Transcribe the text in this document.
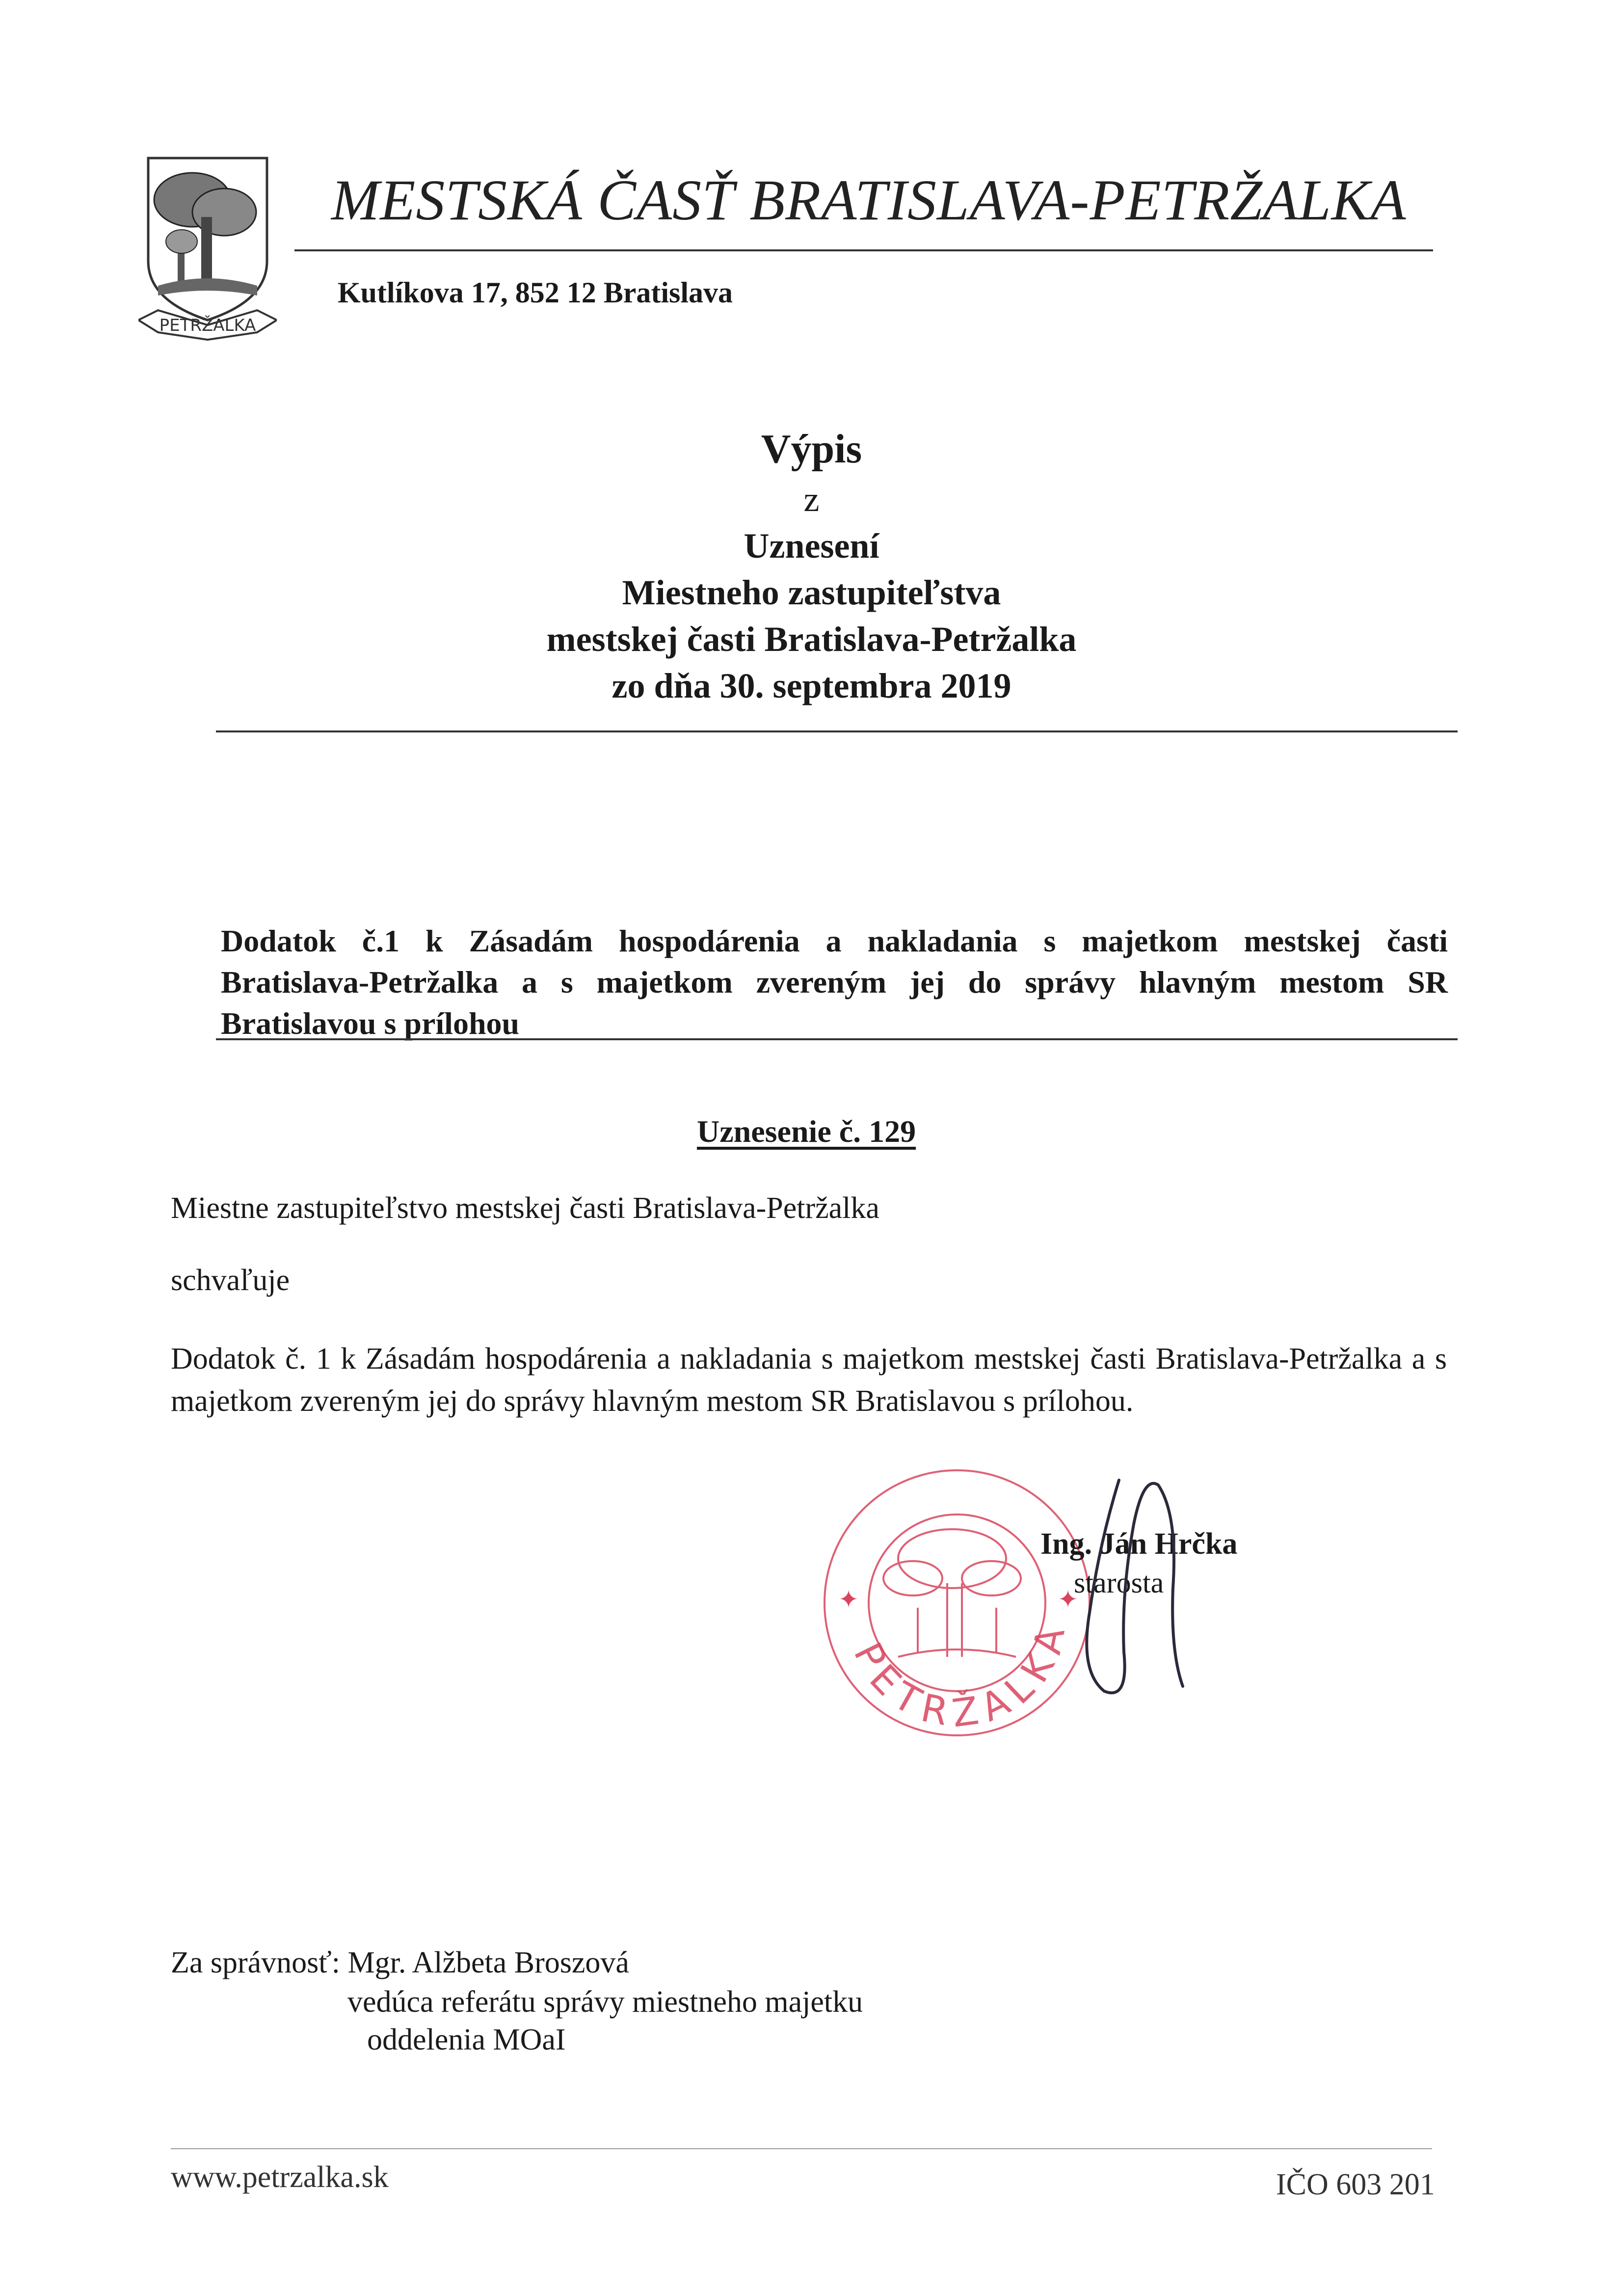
PETRŽALKA
MESTSKÁ ČASŤ BRATISLAVA-PETRŽALKA
Kutlíkova 17, 852 12 Bratislava
Výpis
z
Uznesení
Miestneho zastupiteľstva
mestskej časti Bratislava-Petržalka
zo dňa 30. septembra 2019
Dodatok č.1 k Zásadám hospodárenia a nakladania s majetkom mestskej časti
Bratislava-Petržalka a s majetkom zvereným jej do správy hlavným mestom SR
Bratislavou s prílohou
Uznesenie č. 129
Miestne zastupiteľstvo mestskej časti Bratislava-Petržalka
schvaľuje
Dodatok č. 1 k Zásadám hospodárenia a nakladania s majetkom mestskej časti Bratislava-Petržalka a s majetkom zvereným jej do správy hlavným mestom SR Bratislavou s prílohou.
PETRŽALKA
✦	✦
Ing. Ján Hrčka
starosta
Za správnosť: Mgr. Alžbeta Broszová
vedúca referátu správy miestneho majetku
oddelenia MOaI
www.petrzalka.sk	IČO 603 201
